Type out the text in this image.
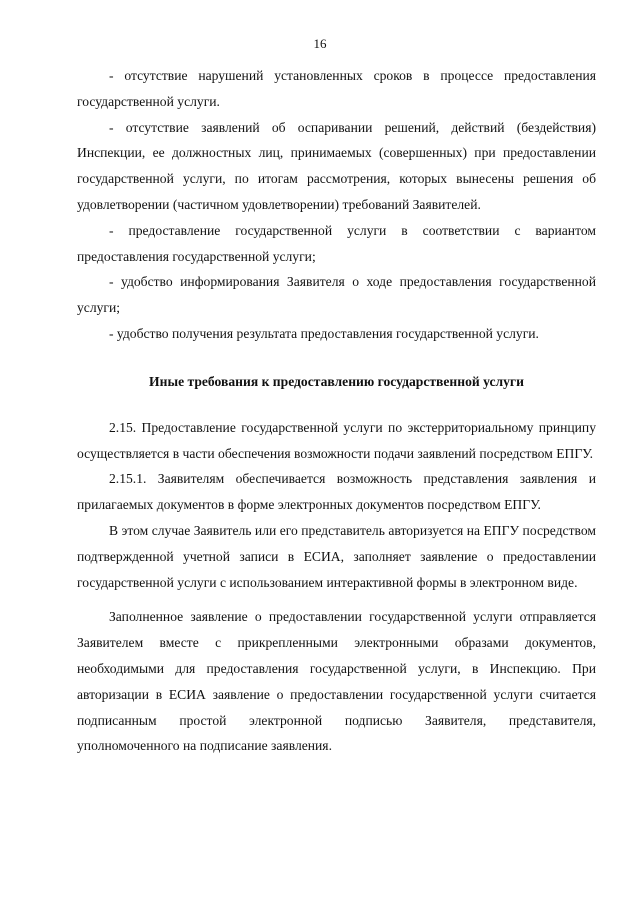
16

- отсутствие нарушений установленных сроков в процессе предоставления государственной услуги.

- отсутствие заявлений об оспаривании решений, действий (бездействия) Инспекции, ее должностных лиц, принимаемых (совершенных) при предоставлении государственной услуги, по итогам рассмотрения, которых вынесены решения об удовлетворении (частичном удовлетворении) требований Заявителей.

- предоставление государственной услуги в соответствии с вариантом предоставления государственной услуги;

- удобство информирования Заявителя о ходе предоставления государственной услуги;

- удобство получения результата предоставления государственной услуги.

Иные требования к предоставлению государственной услуги

2.15. Предоставление государственной услуги по экстерриториальному принципу осуществляется в части обеспечения возможности подачи заявлений посредством ЕПГУ.

2.15.1. Заявителям обеспечивается возможность представления заявления и прилагаемых документов в форме электронных документов посредством ЕПГУ.

В этом случае Заявитель или его представитель авторизуется на ЕПГУ посредством подтвержденной учетной записи в ЕСИА, заполняет заявление о предоставлении государственной услуги с использованием интерактивной формы в электронном виде.

Заполненное заявление о предоставлении государственной услуги отправляется Заявителем вместе с прикрепленными электронными образами документов, необходимыми для предоставления государственной услуги, в Инспекцию. При авторизации в ЕСИА заявление о предоставлении государственной услуги считается подписанным простой электронной подписью Заявителя, представителя, уполномоченного на подписание заявления.
